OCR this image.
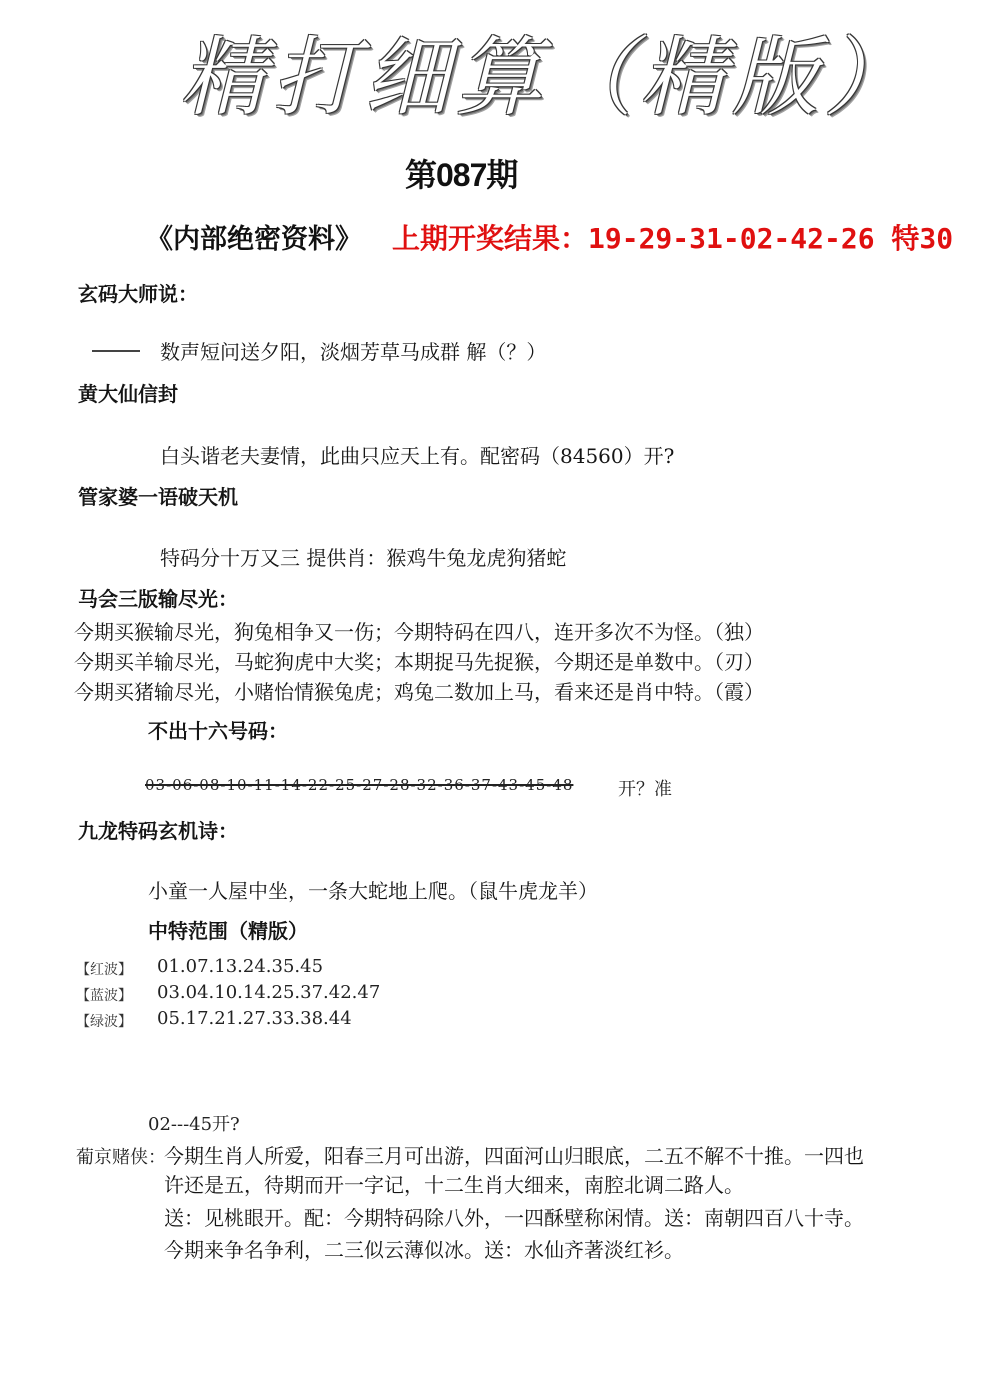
精打细算（精版）
第087期
《内部绝密资料》 上期开奖结果：19-29-31-02-42-26 特30
玄码大师说：
数声短问送夕阳，淡烟芳草马成群 解（？）
黄大仙信封
白头谐老夫妻情，此曲只应天上有。配密码（84560）开?
管家婆一语破天机
特码分十万又三 提供肖：猴鸡牛兔龙虎狗猪蛇
马会三版输尽光：
今期买猴输尽光，狗兔相争又一伤；今期特码在四八，连开多次不为怪。（独）
今期买羊输尽光，马蛇狗虎中大奖；本期捉马先捉猴，今期还是单数中。（刃）
今期买猪输尽光，小赌怡情猴兔虎；鸡兔二数加上马，看来还是肖中特。（霞）
不出十六号码：
03-06-08-10-11-14-22-25-27-28-32-36-37-43-45-48 开？准
九龙特码玄机诗：
小童一人屋中坐，一条大蛇地上爬。（鼠牛虎龙羊）
中特范围（精版）
【红波】 01.07.13.24.35.45
【蓝波】 03.04.10.14.25.37.42.47
【绿波】 05.17.21.27.33.38.44
02---45开?
葡京赌侠：
今期生肖人所爱，阳春三月可出游，四面河山归眼底，二五不解不十推。一四也
许还是五，待期而开一字记，十二生肖大细来，南腔北调二路人。
送：见桃眼开。配：今期特码除八外，一四酥壁称闲情。送：南朝四百八十寺。
今期来争名争利，二三似云薄似冰。送：水仙齐著淡红衫。
